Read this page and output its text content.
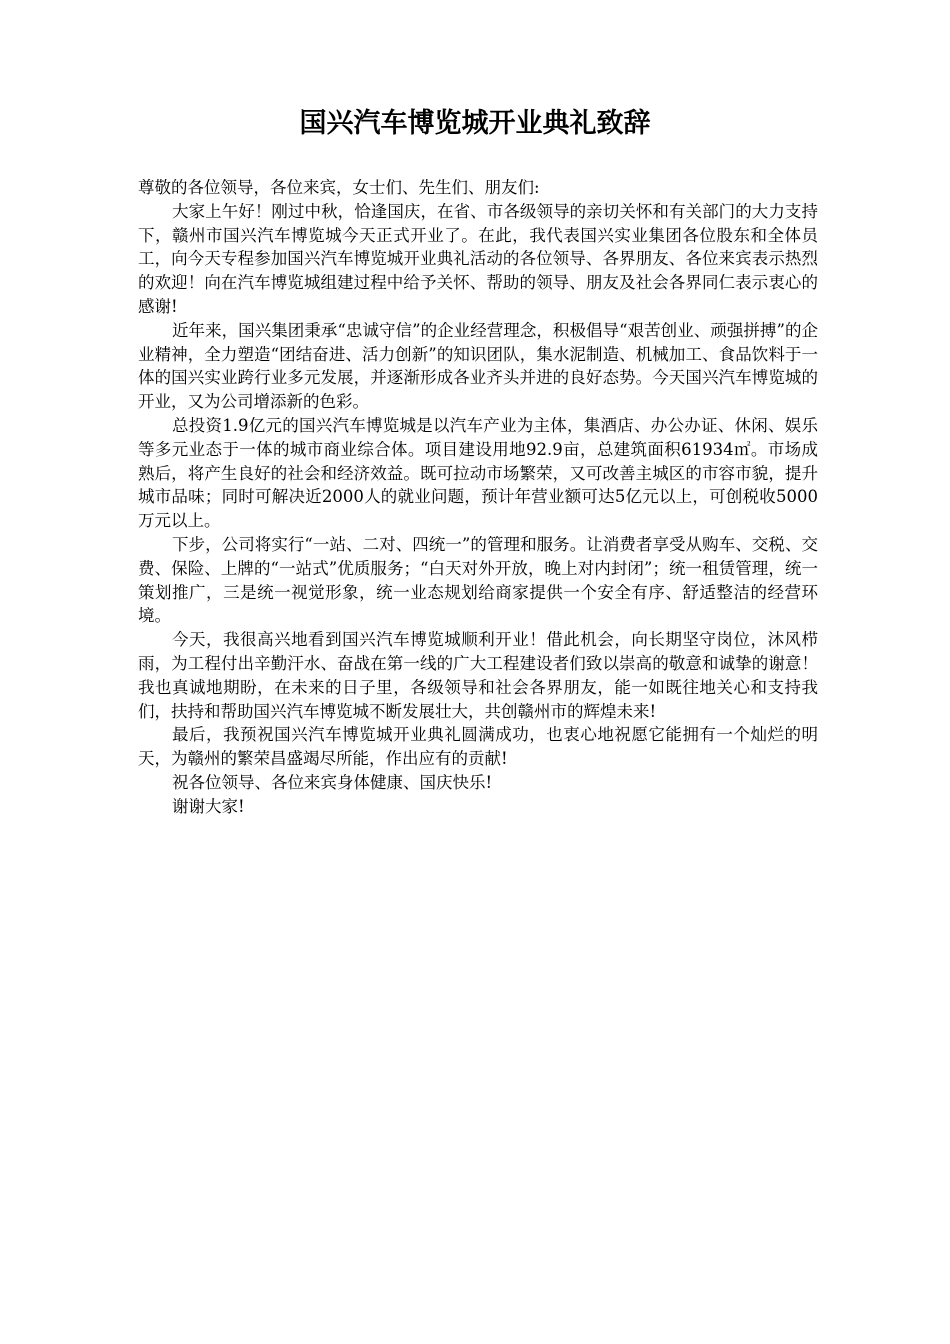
国兴汽车博览城开业典礼致辞

尊敬的各位领导，各位来宾，女士们、先生们、朋友们:

大家上午好！刚过中秋，恰逢国庆，在省、市各级领导的亲切关怀和有关部门的大力支持下，赣州市国兴汽车博览城今天正式开业了。在此，我代表国兴实业集团各位股东和全体员工，向今天专程参加国兴汽车博览城开业典礼活动的各位领导、各界朋友、各位来宾表示热烈的欢迎！向在汽车博览城组建过程中给予关怀、帮助的领导、朋友及社会各界同仁表示衷心的感谢!

近年来，国兴集团秉承“忠诚守信”的企业经营理念，积极倡导“艰苦创业、顽强拼搏”的企业精神，全力塑造“团结奋进、活力创新”的知识团队，集水泥制造、机械加工、食品饮料于一体的国兴实业跨行业多元发展，并逐渐形成各业齐头并进的良好态势。今天国兴汽车博览城的开业，又为公司增添新的色彩。

总投资1.9亿元的国兴汽车博览城是以汽车产业为主体，集酒店、办公办证、休闲、娱乐等多元业态于一体的城市商业综合体。项目建设用地92.9亩，总建筑面积61934㎡。市场成熟后，将产生良好的社会和经济效益。既可拉动市场繁荣，又可改善主城区的市容市貌，提升城市品味；同时可解决近2000人的就业问题，预计年营业额可达5亿元以上，可创税收5000万元以上。

下步，公司将实行“一站、二对、四统一”的管理和服务。让消费者享受从购车、交税、交费、保险、上牌的“一站式”优质服务；“白天对外开放，晚上对内封闭”；统一租赁管理，统一策划推广，三是统一视觉形象，统一业态规划给商家提供一个安全有序、舒适整洁的经营环境。

今天，我很高兴地看到国兴汽车博览城顺利开业！借此机会，向长期坚守岗位，沐风栉雨，为工程付出辛勤汗水、奋战在第一线的广大工程建设者们致以崇高的敬意和诚挚的谢意！我也真诚地期盼，在未来的日子里，各级领导和社会各界朋友，能一如既往地关心和支持我们，扶持和帮助国兴汽车博览城不断发展壮大，共创赣州市的辉煌未来!

最后，我预祝国兴汽车博览城开业典礼圆满成功，也衷心地祝愿它能拥有一个灿烂的明天，为赣州的繁荣昌盛竭尽所能，作出应有的贡献!

祝各位领导、各位来宾身体健康、国庆快乐!

谢谢大家!
